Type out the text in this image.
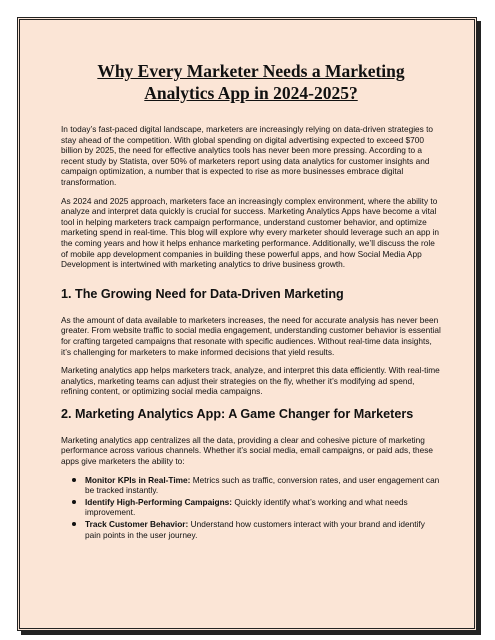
Why Every Marketer Needs a Marketing Analytics App in 2024-2025?

In today’s fast-paced digital landscape, marketers are increasingly relying on data-driven strategies to stay ahead of the competition. With global spending on digital advertising expected to exceed $700 billion by 2025, the need for effective analytics tools has never been more pressing. According to a recent study by Statista, over 50% of marketers report using data analytics for customer insights and campaign optimization, a number that is expected to rise as more businesses embrace digital transformation.

As 2024 and 2025 approach, marketers face an increasingly complex environment, where the ability to analyze and interpret data quickly is crucial for success. Marketing Analytics Apps have become a vital tool in helping marketers track campaign performance, understand customer behavior, and optimize marketing spend in real-time. This blog will explore why every marketer should leverage such an app in the coming years and how it helps enhance marketing performance. Additionally, we’ll discuss the role of mobile app development companies in building these powerful apps, and how Social Media App Development is intertwined with marketing analytics to drive business growth.

1. The Growing Need for Data-Driven Marketing

As the amount of data available to marketers increases, the need for accurate analysis has never been greater. From website traffic to social media engagement, understanding customer behavior is essential for crafting targeted campaigns that resonate with specific audiences. Without real-time data insights, it’s challenging for marketers to make informed decisions that yield results.

Marketing analytics app helps marketers track, analyze, and interpret this data efficiently. With real-time analytics, marketing teams can adjust their strategies on the fly, whether it’s modifying ad spend, refining content, or optimizing social media campaigns.

2. Marketing Analytics App: A Game Changer for Marketers

Marketing analytics app centralizes all the data, providing a clear and cohesive picture of marketing performance across various channels. Whether it’s social media, email campaigns, or paid ads, these apps give marketers the ability to:

Monitor KPIs in Real-Time: Metrics such as traffic, conversion rates, and user engagement can be tracked instantly.
Identify High-Performing Campaigns: Quickly identify what’s working and what needs improvement.
Track Customer Behavior: Understand how customers interact with your brand and identify pain points in the user journey.
